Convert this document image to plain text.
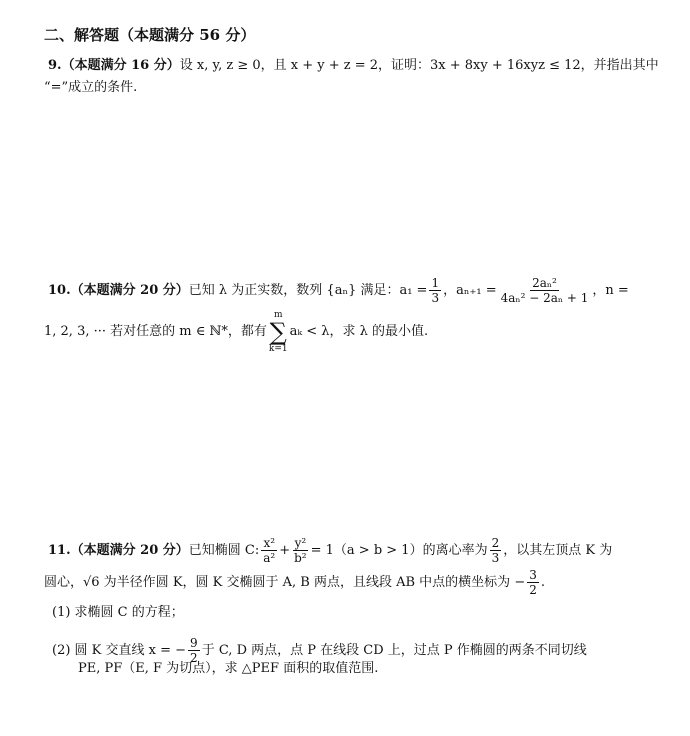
二、解答题（本题满分 56 分）
9.（本题满分 16 分）设 x, y, z ≥ 0，且 x + y + z = 2，证明：3x + 8xy + 16xyz ≤ 12，并指出其中
“=”成立的条件.
10. （本题满分 20 分） 已知 λ 为正实数，数列 {aₙ} 满足：$a_1 = \frac{1}{3}$ ，$a_{n+1} = \frac{\text{2aₙ²}}{\text{4aₙ² − 2aₙ + 1}}$ ，n =
1, 2, 3, ··· 若对任意的 m ∈ ℕ*，都有
m
∑
k=1
aₖ < λ，求 λ 的最小值.
11. （本题满分 20 分） 已知椭圆 C: $\frac{\text{x²}}{\text{a²}} + \frac{\text{y²}}{\text{b²}} = 1(a > b > 1)$的离心率为 $\frac{2}{3}$ ，以其左顶点 K 为
圆心，√6 为半径作圆 K，圆 K 交椭圆于 A, B 两点，且线段 AB 中点的横坐标为 − $\frac{3}{2}$ .
(1) 求椭圆 C 的方程；
(2) 圆 K 交直线 x = − $\frac{9}{2}$ 于 C, D 两点，点 P 在线段 CD 上，过点 P 作椭圆的两条不同切线
PE, PF（E, F 为切点），求 △PEF 面积的取值范围.
